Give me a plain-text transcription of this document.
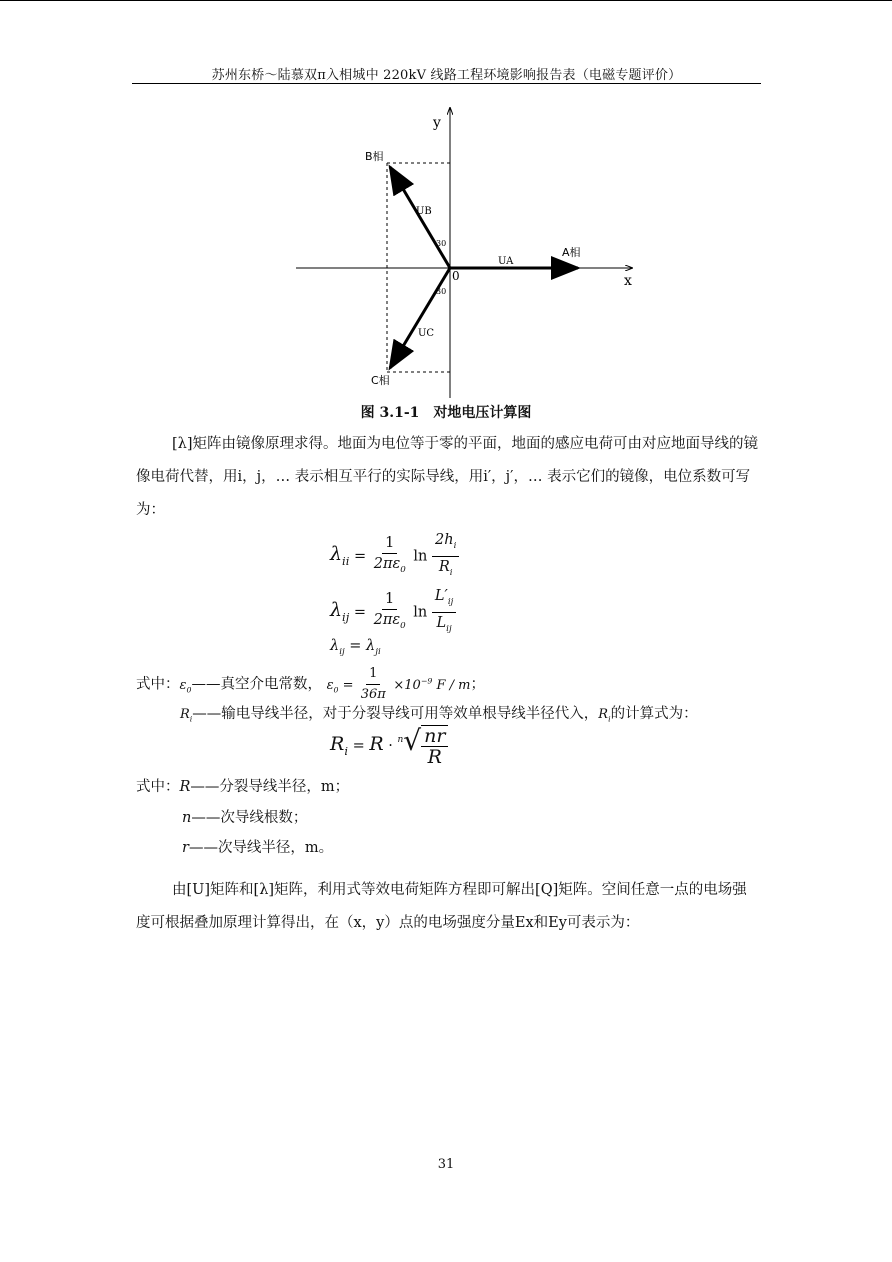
苏州东桥～陆慕双π入相城中 220kV 线路工程环境影响报告表（电磁专题评价）
y
x
0
B相
A相
C相
UB
UA
UC
30
30
图 3.1-1　对地电压计算图
[λ]矩阵由镜像原理求得。地面为电位等于零的平面，地面的感应电荷可由对应地面导线的镜像电荷代替，用i，j，… 表示相互平行的实际导线，用i′，j′，… 表示它们的镜像，电位系数可写为：
$\lambda_{ii} = \frac{1}{2\pi\varepsilon_0}$ $\ln \frac{2h_i}{R_i}$
$\lambda_{ij} = \frac{1}{2\pi\varepsilon_0}$ $\ln \frac{L'_{ij}}{L_{ij}}$
$\lambda_{ij} = \lambda_{ji}$
式中：$\varepsilon_0——$真空介电常数， $\varepsilon_0 = \frac{1}{36\pi} \times 10^{-9}$ F / m；
$R_i——$输电导线半径，对于分裂导线可用等效单根导线半径代入，$R_i$的计算式为：
$R_i = R \cdot ^n√ \frac{nr}{R}$
式中：R——分裂导线半径，m；
n——次导线根数；
r——次导线半径，m。
由[U]矩阵和[λ]矩阵，利用式等效电荷矩阵方程即可解出[Q]矩阵。空间任意一点的电场强度可根据叠加原理计算得出，在（x，y）点的电场强度分量Ex和Ey可表示为：
31
